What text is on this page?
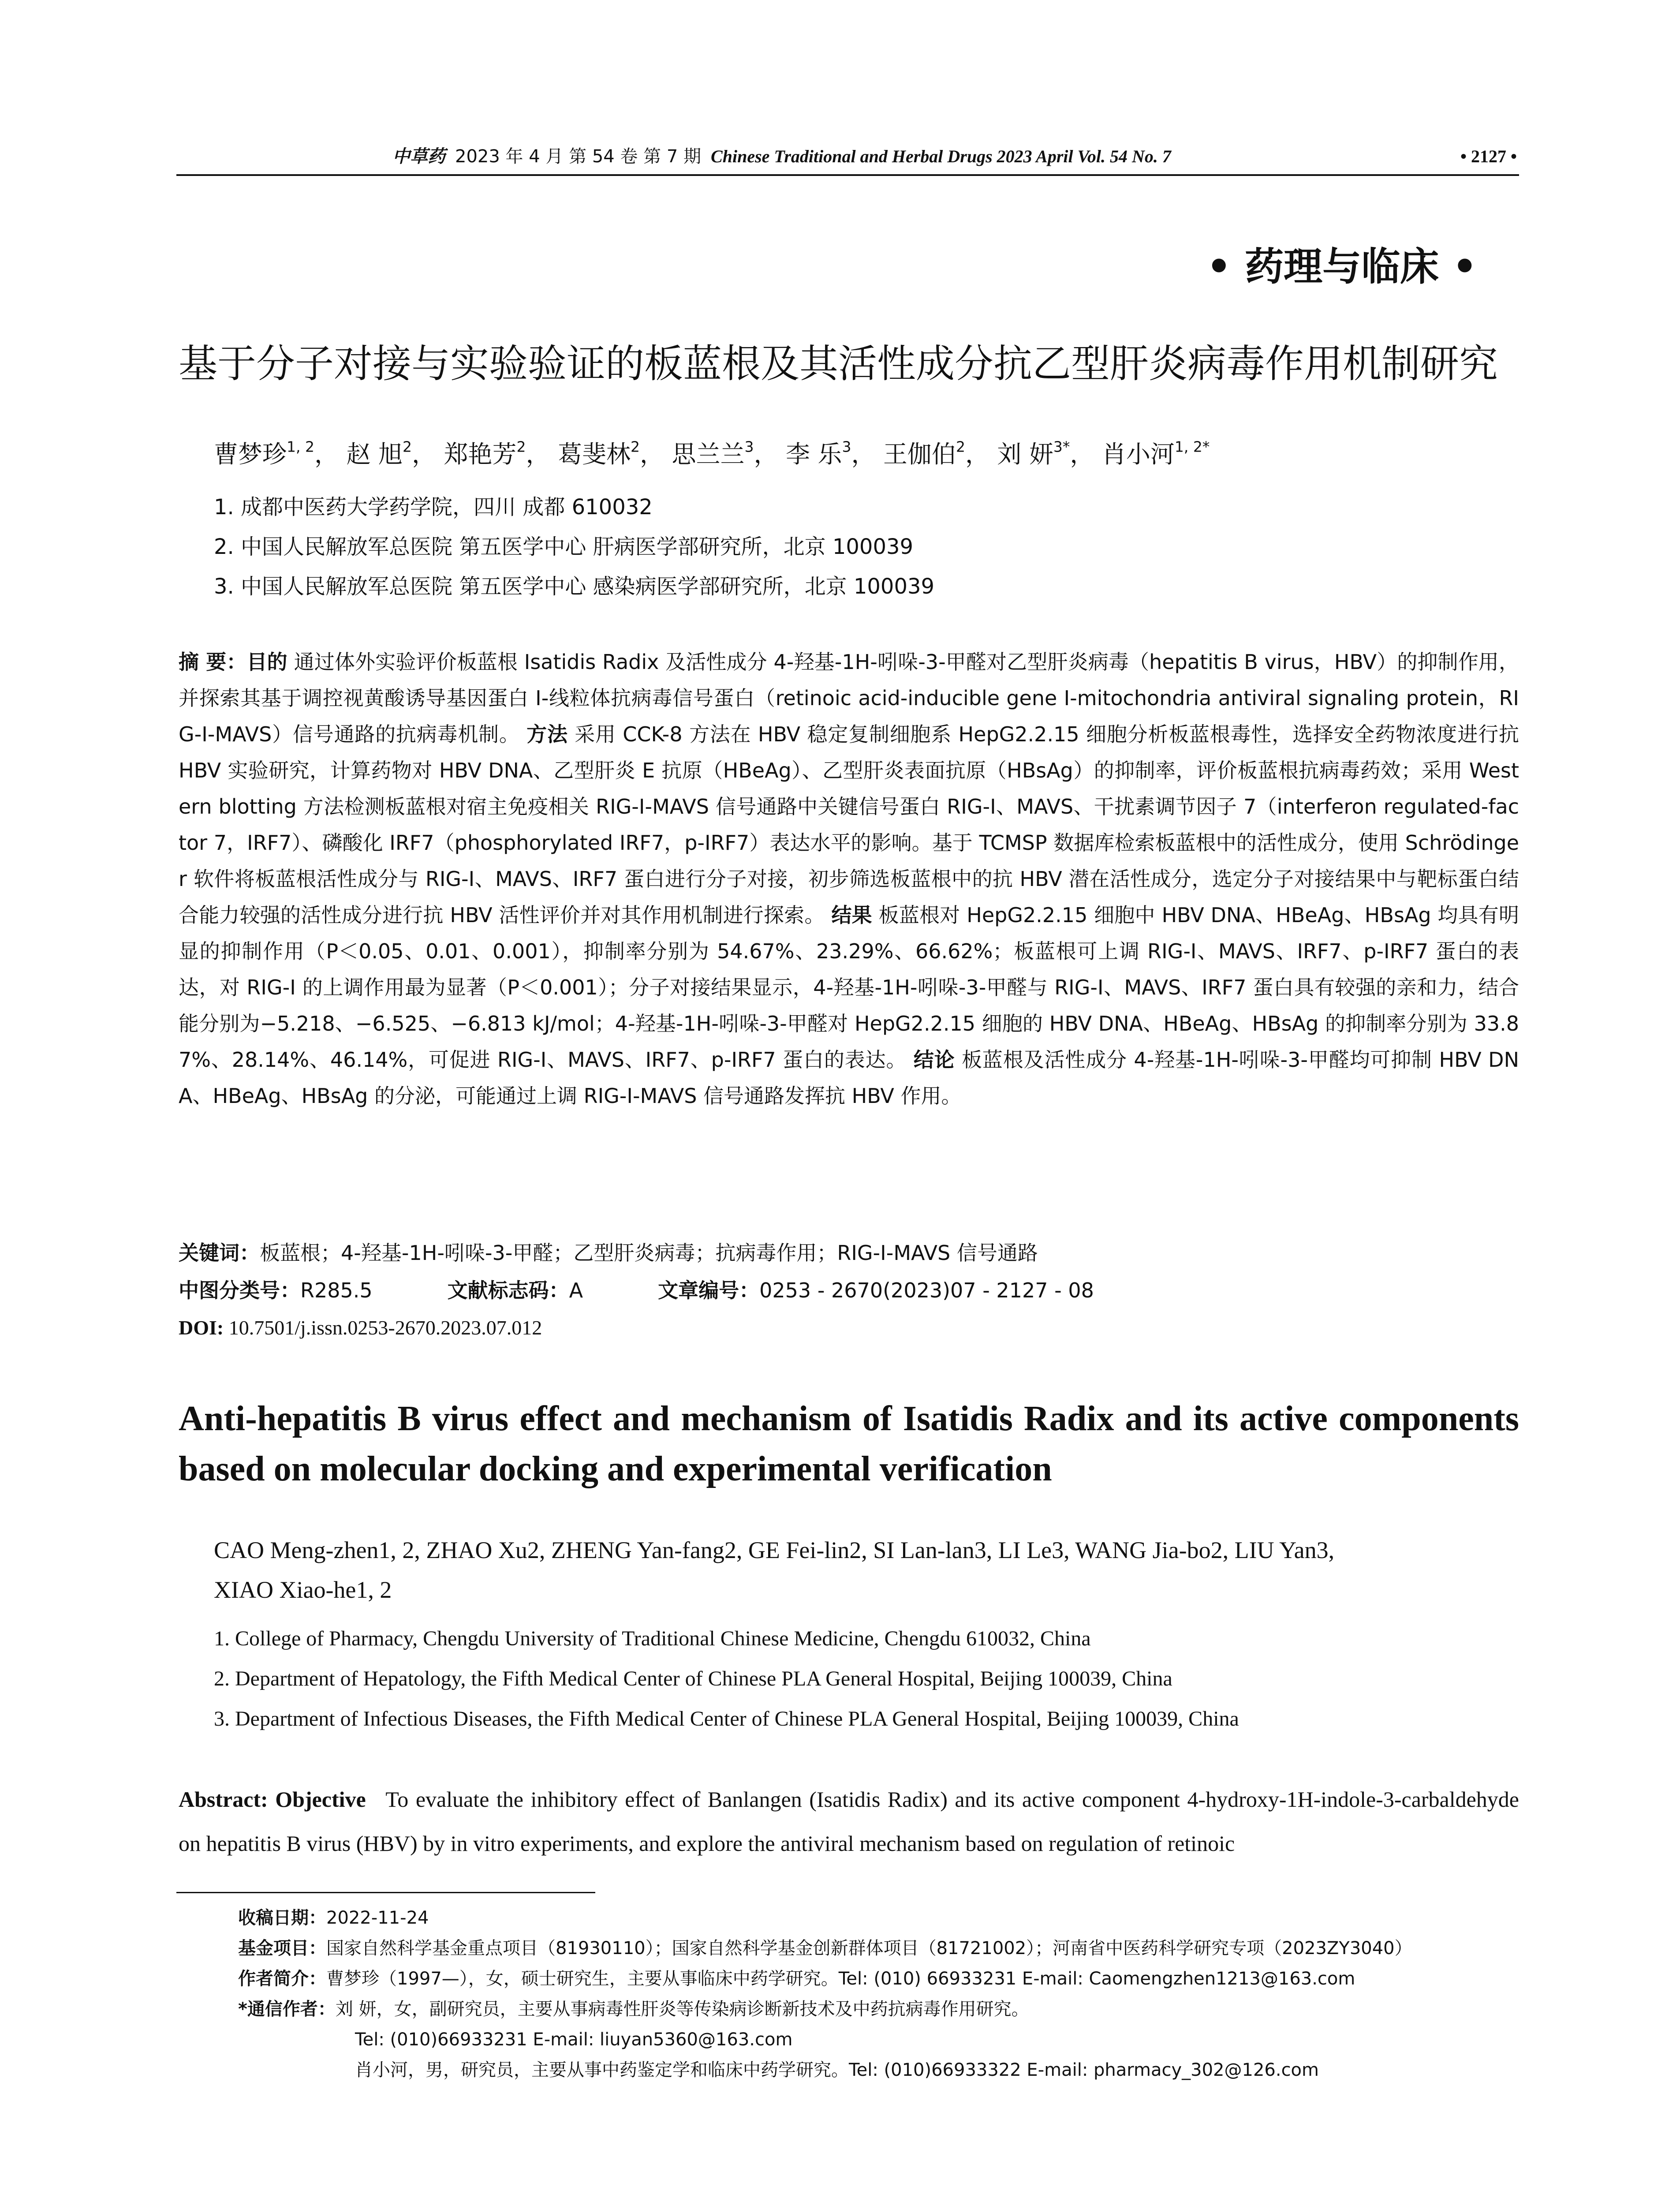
中草药 2023 年 4 月 第 54 卷 第 7 期 Chinese Traditional and Herbal Drugs 2023 April Vol. 54 No. 7	• 2127 •
• 药理与临床 •
基于分子对接与实验验证的板蓝根及其活性成分抗乙型肝炎病毒作用机制研究
曹梦珍$^{1, 2}$， 赵 旭$^2$， 郑艳芳$^2$， 葛斐林$^2$， 思兰兰$^3$， 李 乐$^3$， 王伽伯$^2$， 刘 妍$^{3*}$， 肖小河$^{1, 2*}$
1. 成都中医药大学药学院，四川 成都 610032
2. 中国人民解放军总医院 第五医学中心 肝病医学部研究所，北京 100039
3. 中国人民解放军总医院 第五医学中心 感染病医学部研究所，北京 100039
摘 要：目的 通过体外实验评价板蓝根 Isatidis Radix 及活性成分 4-羟基-1H-吲哚-3-甲醛对乙型肝炎病毒（hepatitis B virus，HBV）的抑制作用，并探索其基于调控视黄酸诱导基因蛋白 I-线粒体抗病毒信号蛋白（retinoic acid-inducible gene I-mitochondria antiviral signaling protein，RIG-I-MAVS）信号通路的抗病毒机制。 方法 采用 CCK-8 方法在 HBV 稳定复制细胞系 HepG2.2.15 细胞分析板蓝根毒性，选择安全药物浓度进行抗 HBV 实验研究，计算药物对 HBV DNA、乙型肝炎 E 抗原（HBeAg）、乙型肝炎表面抗原（HBsAg）的抑制率，评价板蓝根抗病毒药效；采用 Western blotting 方法检测板蓝根对宿主免疫相关 RIG-I-MAVS 信号通路中关键信号蛋白 RIG-I、MAVS、干扰素调节因子 7（interferon regulated-factor 7，IRF7）、磷酸化 IRF7（phosphorylated IRF7，p-IRF7）表达水平的影响。基于 TCMSP 数据库检索板蓝根中的活性成分，使用 Schrödinger 软件将板蓝根活性成分与 RIG-I、MAVS、IRF7 蛋白进行分子对接，初步筛选板蓝根中的抗 HBV 潜在活性成分，选定分子对接结果中与靶标蛋白结合能力较强的活性成分进行抗 HBV 活性评价并对其作用机制进行探索。 结果 板蓝根对 HepG2.2.15 细胞中 HBV DNA、HBeAg、HBsAg 均具有明显的抑制作用（P＜0.05、0.01、0.001），抑制率分别为 54.67%、23.29%、66.62%；板蓝根可上调 RIG-I、MAVS、IRF7、p-IRF7 蛋白的表达，对 RIG-I 的上调作用最为显著（P＜0.001）；分子对接结果显示，4-羟基-1H-吲哚-3-甲醛与 RIG-I、MAVS、IRF7 蛋白具有较强的亲和力，结合能分别为−5.218、−6.525、−6.813 kJ/mol；4-羟基-1H-吲哚-3-甲醛对 HepG2.2.15 细胞的 HBV DNA、HBeAg、HBsAg 的抑制率分别为 33.87%、28.14%、46.14%，可促进 RIG-I、MAVS、IRF7、p-IRF7 蛋白的表达。 结论 板蓝根及活性成分 4-羟基-1H-吲哚-3-甲醛均可抑制 HBV DNA、HBeAg、HBsAg 的分泌，可能通过上调 RIG-I-MAVS 信号通路发挥抗 HBV 作用。
关键词：板蓝根；4-羟基-1H-吲哚-3-甲醛；乙型肝炎病毒；抗病毒作用；RIG-I-MAVS 信号通路
中图分类号：R285.5	文献标志码：A	文章编号：0253 - 2670(2023)07 - 2127 - 08
DOI: 10.7501/j.issn.0253-2670.2023.07.012
Anti-hepatitis B virus effect and mechanism of Isatidis Radix and its active components based on molecular docking and experimental verification
CAO Meng-zhen1, 2, ZHAO Xu2, ZHENG Yan-fang2, GE Fei-lin2, SI Lan-lan3, LI Le3, WANG Jia-bo2, LIU Yan3,
XIAO Xiao-he1, 2
1. College of Pharmacy, Chengdu University of Traditional Chinese Medicine, Chengdu 610032, China
2. Department of Hepatology, the Fifth Medical Center of Chinese PLA General Hospital, Beijing 100039, China
3. Department of Infectious Diseases, the Fifth Medical Center of Chinese PLA General Hospital, Beijing 100039, China
Abstract: Objective To evaluate the inhibitory effect of Banlangen (Isatidis Radix) and its active component 4-hydroxy-1H-indole-3-carbaldehyde on hepatitis B virus (HBV) by in vitro experiments, and explore the antiviral mechanism based on regulation of retinoic
收稿日期：2022-11-24
基金项目：国家自然科学基金重点项目（81930110）；国家自然科学基金创新群体项目（81721002）；河南省中医药科学研究专项（2023ZY3040）
作者简介：曹梦珍（1997—），女，硕士研究生，主要从事临床中药学研究。Tel: (010) 66933231 E-mail: Caomengzhen1213@163.com
*通信作者：刘 妍，女，副研究员，主要从事病毒性肝炎等传染病诊断新技术及中药抗病毒作用研究。
Tel: (010)66933231 E-mail: liuyan5360@163.com
肖小河，男，研究员，主要从事中药鉴定学和临床中药学研究。Tel: (010)66933322 E-mail: pharmacy_302@126.com
